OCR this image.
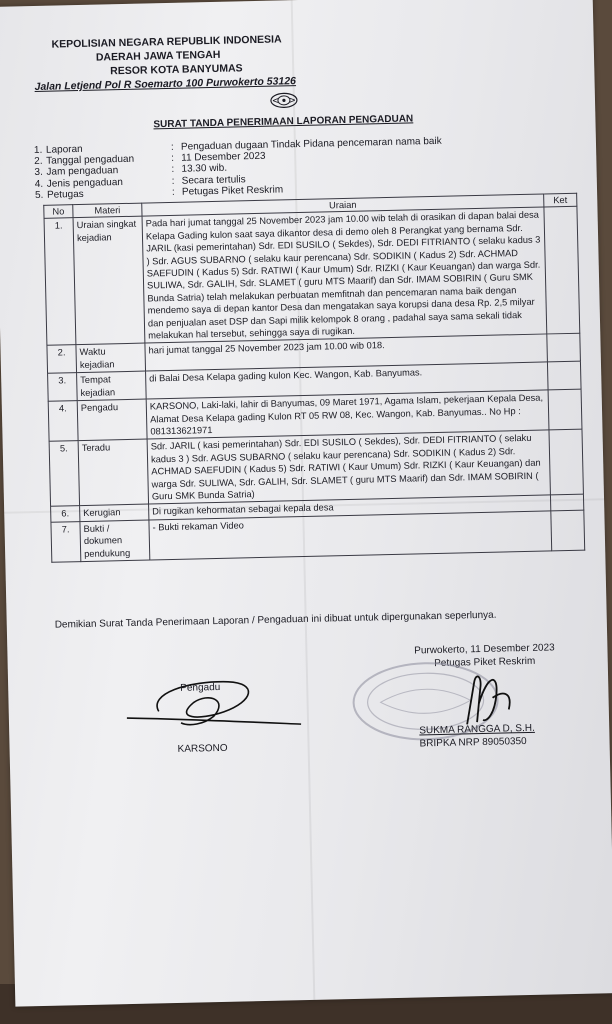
KEPOLISIAN NEGARA REPUBLIK INDONESIA
DAERAH JAWA TENGAH
RESOR KOTA BANYUMAS
Jalan Letjend Pol R Soemarto 100 Purwokerto 53126
SURAT TANDA PENERIMAAN LAPORAN PENGADUAN
1. Laporan	: Pengaduan dugaan Tindak Pidana pencemaran nama baik
2. Tanggal pengaduan	: 11 Desember 2023
3. Jam pengaduan	: 13.30 wib.
4. Jenis pengaduan	: Secara tertulis
5. Petugas	: Petugas Piket Reskrim
No	Materi	Uraian	Ket
1.	Uraian singkat kejadian	Pada hari jumat tanggal 25 November 2023 jam 10.00 wib telah di orasikan di dapan balai desa Kelapa Gading kulon saat saya dikantor desa di demo oleh 8 Perangkat yang bernama Sdr. JARIL (kasi pemerintahan) Sdr. EDI SUSILO ( Sekdes), Sdr. DEDI FITRIANTO ( selaku kadus 3 ) Sdr. AGUS SUBARNO ( selaku kaur perencana) Sdr. SODIKIN ( Kadus 2) Sdr. ACHMAD SAEFUDIN ( Kadus 5) Sdr. RATIWI ( Kaur Umum) Sdr. RIZKI ( Kaur Keuangan) dan warga Sdr. SULIWA, Sdr. GALIH, Sdr. SLAMET ( guru MTS Maarif) dan Sdr. IMAM SOBIRIN ( Guru SMK Bunda Satria) telah melakukan perbuatan memfitnah dan pencemaran nama baik dengan mendemo saya di depan kantor Desa dan mengatakan saya korupsi dana desa Rp. 2,5 milyar dan penjualan aset DSP dan Sapi milik kelompok 8 orang , padahal saya sama sekali tidak melakukan hal tersebut, sehingga saya di rugikan.	
2.	Waktu kejadian	hari jumat tanggal 25 November 2023 jam 10.00 wib 018.	
3.	Tempat kejadian	di Balai Desa Kelapa gading kulon Kec. Wangon, Kab. Banyumas.	
4.	Pengadu	KARSONO, Laki-laki, lahir di Banyumas, 09 Maret 1971, Agama Islam, pekerjaan Kepala Desa, Alamat Desa Kelapa gading Kulon RT 05 RW 08, Kec. Wangon, Kab. Banyumas.. No Hp : 081313621971	
5.	Teradu	Sdr. JARIL ( kasi pemerintahan) Sdr. EDI SUSILO ( Sekdes), Sdr. DEDI FITRIANTO ( selaku kadus 3 ) Sdr. AGUS SUBARNO ( selaku kaur perencana) Sdr. SODIKIN ( Kadus 2) Sdr. ACHMAD SAEFUDIN ( Kadus 5) Sdr. RATIWI ( Kaur Umum) Sdr. RIZKI ( Kaur Keuangan) dan warga Sdr. SULIWA, Sdr. GALIH, Sdr. SLAMET ( guru MTS Maarif) dan Sdr. IMAM SOBIRIN ( Guru SMK Bunda Satria)	
6.	Kerugian	Di rugikan kehormatan sebagai kepala desa	
7.	Bukti / dokumen pendukung	- Bukti rekaman Video	
Demikian Surat Tanda Penerimaan Laporan / Pengaduan ini dibuat untuk dipergunakan seperlunya.
Purwokerto, 11 Desember 2023
Petugas Piket Reskrim
Pengadu
KARSONO
SUKMA RANGGA D, S.H.
BRIPKA NRP 89050350
